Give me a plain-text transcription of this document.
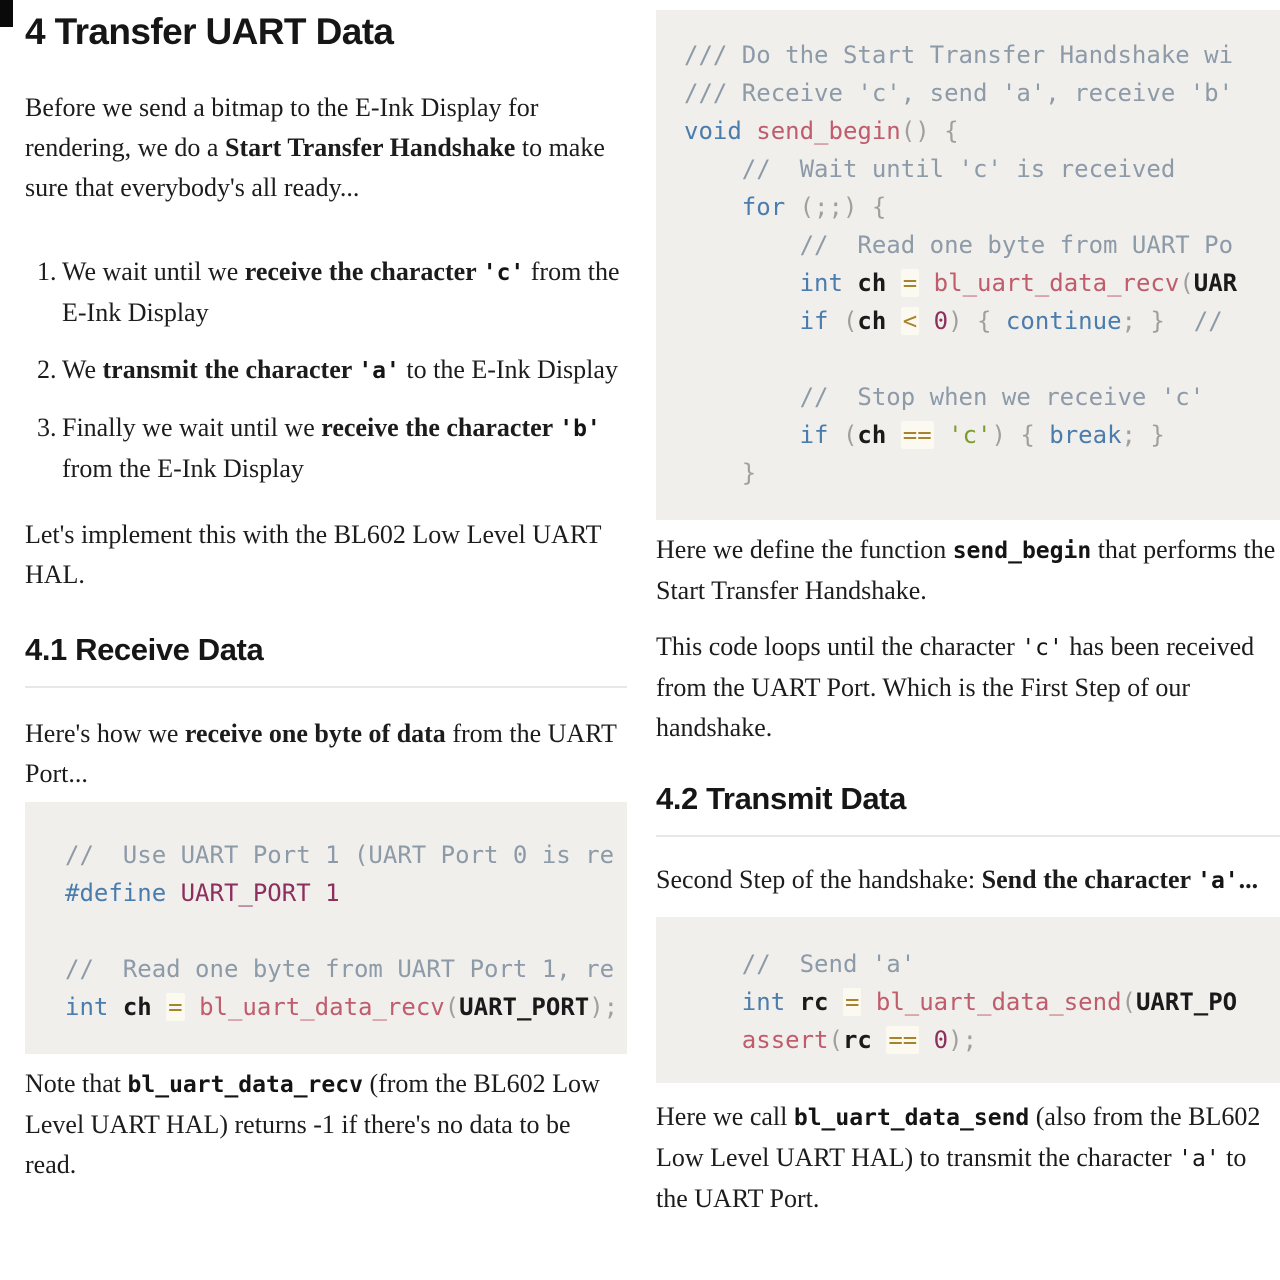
4 Transfer UART Data

Before we send a bitmap to the E-Ink Display for rendering, we do a Start Transfer Handshake to make sure that everybody's all ready...

1. We wait until we receive the character 'c' from the E-Ink Display
2. We transmit the character 'a' to the E-Ink Display
3. Finally we wait until we receive the character 'b' from the E-Ink Display

Let's implement this with the BL602 Low Level UART HAL.

4.1 Receive Data

Here's how we receive one byte of data from the UART Port...

//  Use UART Port 1 (UART Port 0 is re
#define UART_PORT 1

//  Read one byte from UART Port 1, re
int ch = bl_uart_data_recv(UART_PORT);

Note that bl_uart_data_recv (from the BL602 Low Level UART HAL) returns -1 if there's no data to be read.

/// Do the Start Transfer Handshake wi
/// Receive 'c', send 'a', receive 'b'
void send_begin() {
//  Wait until 'c' is received
for (;;) {
//  Read one byte from UART Po
int ch = bl_uart_data_recv(UAR
if (ch < 0) { continue; } //

//  Stop when we receive 'c'
if (ch == 'c') { break; }
}

Here we define the function send_begin that performs the Start Transfer Handshake.

This code loops until the character 'c' has been received from the UART Port. Which is the First Step of our handshake.

4.2 Transmit Data

Second Step of the handshake: Send the character 'a'...

//  Send 'a'
int rc = bl_uart_data_send(UART_PO
assert(rc == 0);

Here we call bl_uart_data_send (also from the BL602 Low Level UART HAL) to transmit the character 'a' to the UART Port.
